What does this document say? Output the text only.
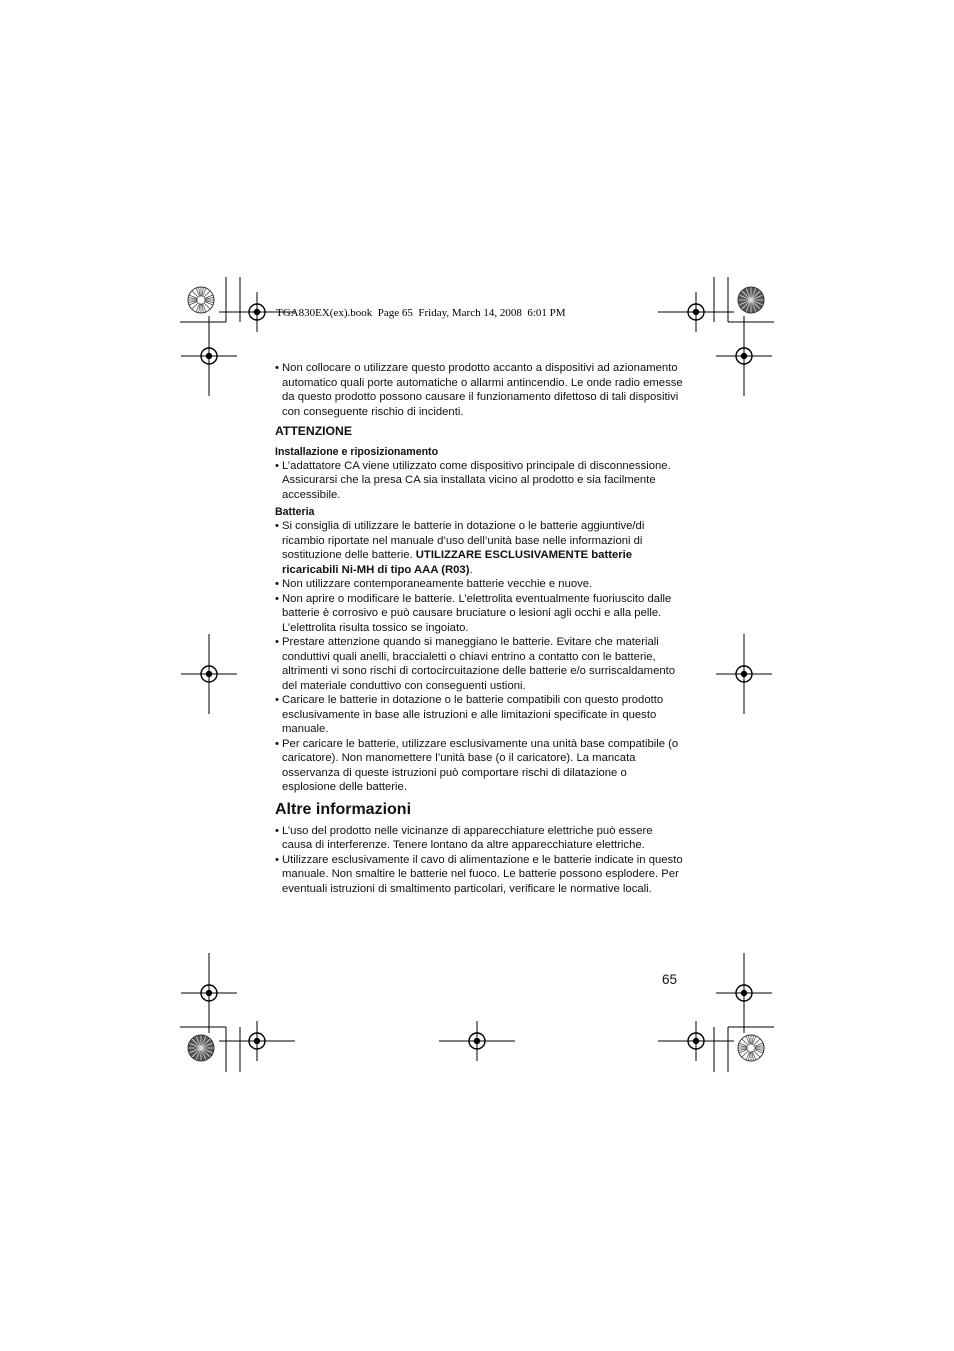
TGA830EX(ex).book  Page 65  Friday, March 14, 2008  6:01 PM
• Non collocare o utilizzare questo prodotto accanto a dispositivi ad azionamento automatico quali porte automatiche o allarmi antincendio. Le onde radio emesse da questo prodotto possono causare il funzionamento difettoso di tali dispositivi con conseguente rischio di incidenti.
ATTENZIONE
Installazione e riposizionamento
• L’adattatore CA viene utilizzato come dispositivo principale di disconnessione. Assicurarsi che la presa CA sia installata vicino al prodotto e sia facilmente accessibile.
Batteria
• Si consiglia di utilizzare le batterie in dotazione o le batterie aggiuntive/di ricambio riportate nel manuale d’uso dell’unità base nelle informazioni di sostituzione delle batterie. UTILIZZARE ESCLUSIVAMENTE batterie ricaricabili Ni-MH di tipo AAA (R03).
• Non utilizzare contemporaneamente batterie vecchie e nuove.
• Non aprire o modificare le batterie. L’elettrolita eventualmente fuoriuscito dalle batterie è corrosivo e può causare bruciature o lesioni agli occhi e alla pelle. L’elettrolita risulta tossico se ingoiato.
• Prestare attenzione quando si maneggiano le batterie. Evitare che materiali conduttivi quali anelli, braccialetti o chiavi entrino a contatto con le batterie, altrimenti vi sono rischi di cortocircuitazione delle batterie e/o surriscaldamento del materiale conduttivo con conseguenti ustioni.
• Caricare le batterie in dotazione o le batterie compatibili con questo prodotto esclusivamente in base alle istruzioni e alle limitazioni specificate in questo manuale.
• Per caricare le batterie, utilizzare esclusivamente una unità base compatibile (o caricatore). Non manomettere l’unità base (o il caricatore). La mancata osservanza di queste istruzioni può comportare rischi di dilatazione o esplosione delle batterie.
Altre informazioni
• L’uso del prodotto nelle vicinanze di apparecchiature elettriche può essere causa di interferenze. Tenere lontano da altre apparecchiature elettriche.
• Utilizzare esclusivamente il cavo di alimentazione e le batterie indicate in questo manuale. Non smaltire le batterie nel fuoco. Le batterie possono esplodere. Per eventuali istruzioni di smaltimento particolari, verificare le normative locali.
65
